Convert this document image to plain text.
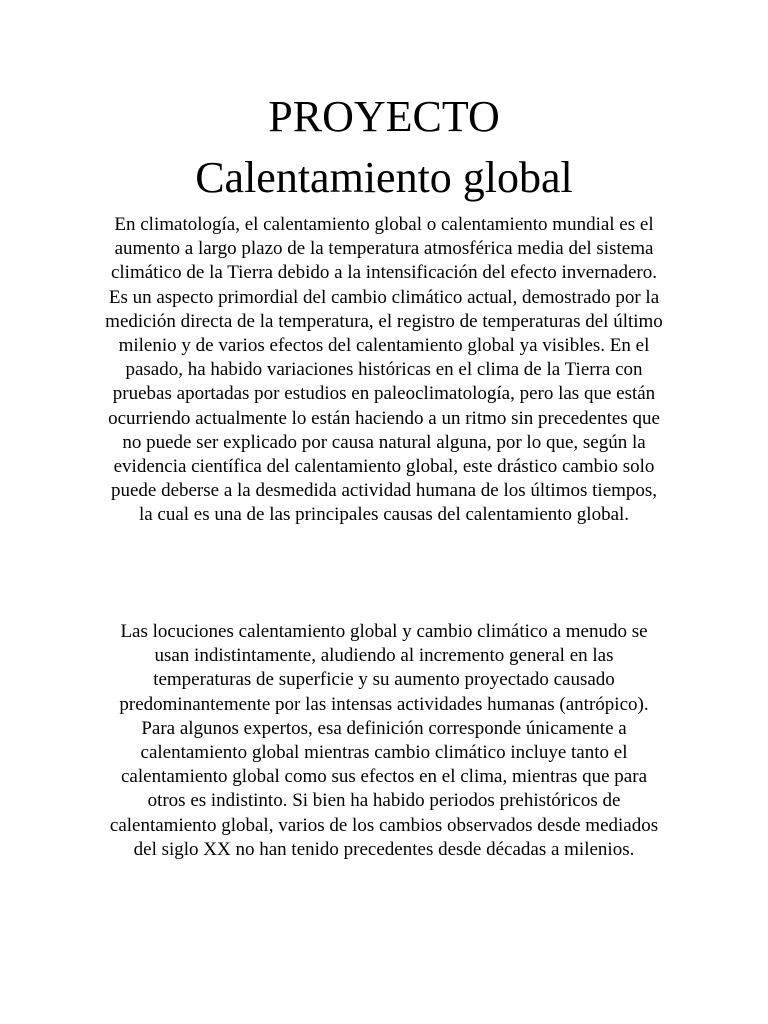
PROYECTO
Calentamiento global

En climatología, el calentamiento global o calentamiento mundial es el aumento a largo plazo de la temperatura atmosférica media del sistema climático de la Tierra debido a la intensificación del efecto invernadero. Es un aspecto primordial del cambio climático actual, demostrado por la medición directa de la temperatura, el registro de temperaturas del último milenio y de varios efectos del calentamiento global ya visibles. En el pasado, ha habido variaciones históricas en el clima de la Tierra con pruebas aportadas por estudios en paleoclimatología, pero las que están ocurriendo actualmente lo están haciendo a un ritmo sin precedentes que no puede ser explicado por causa natural alguna, por lo que, según la evidencia científica del calentamiento global, este drástico cambio solo puede deberse a la desmedida actividad humana de los últimos tiempos, la cual es una de las principales causas del calentamiento global.

Las locuciones calentamiento global y cambio climático a menudo se usan indistintamente, aludiendo al incremento general en las temperaturas de superficie y su aumento proyectado causado predominantemente por las intensas actividades humanas (antrópico). Para algunos expertos, esa definición corresponde únicamente a calentamiento global mientras cambio climático incluye tanto el calentamiento global como sus efectos en el clima, mientras que para otros es indistinto. Si bien ha habido periodos prehistóricos de calentamiento global, varios de los cambios observados desde mediados del siglo XX no han tenido precedentes desde décadas a milenios.
